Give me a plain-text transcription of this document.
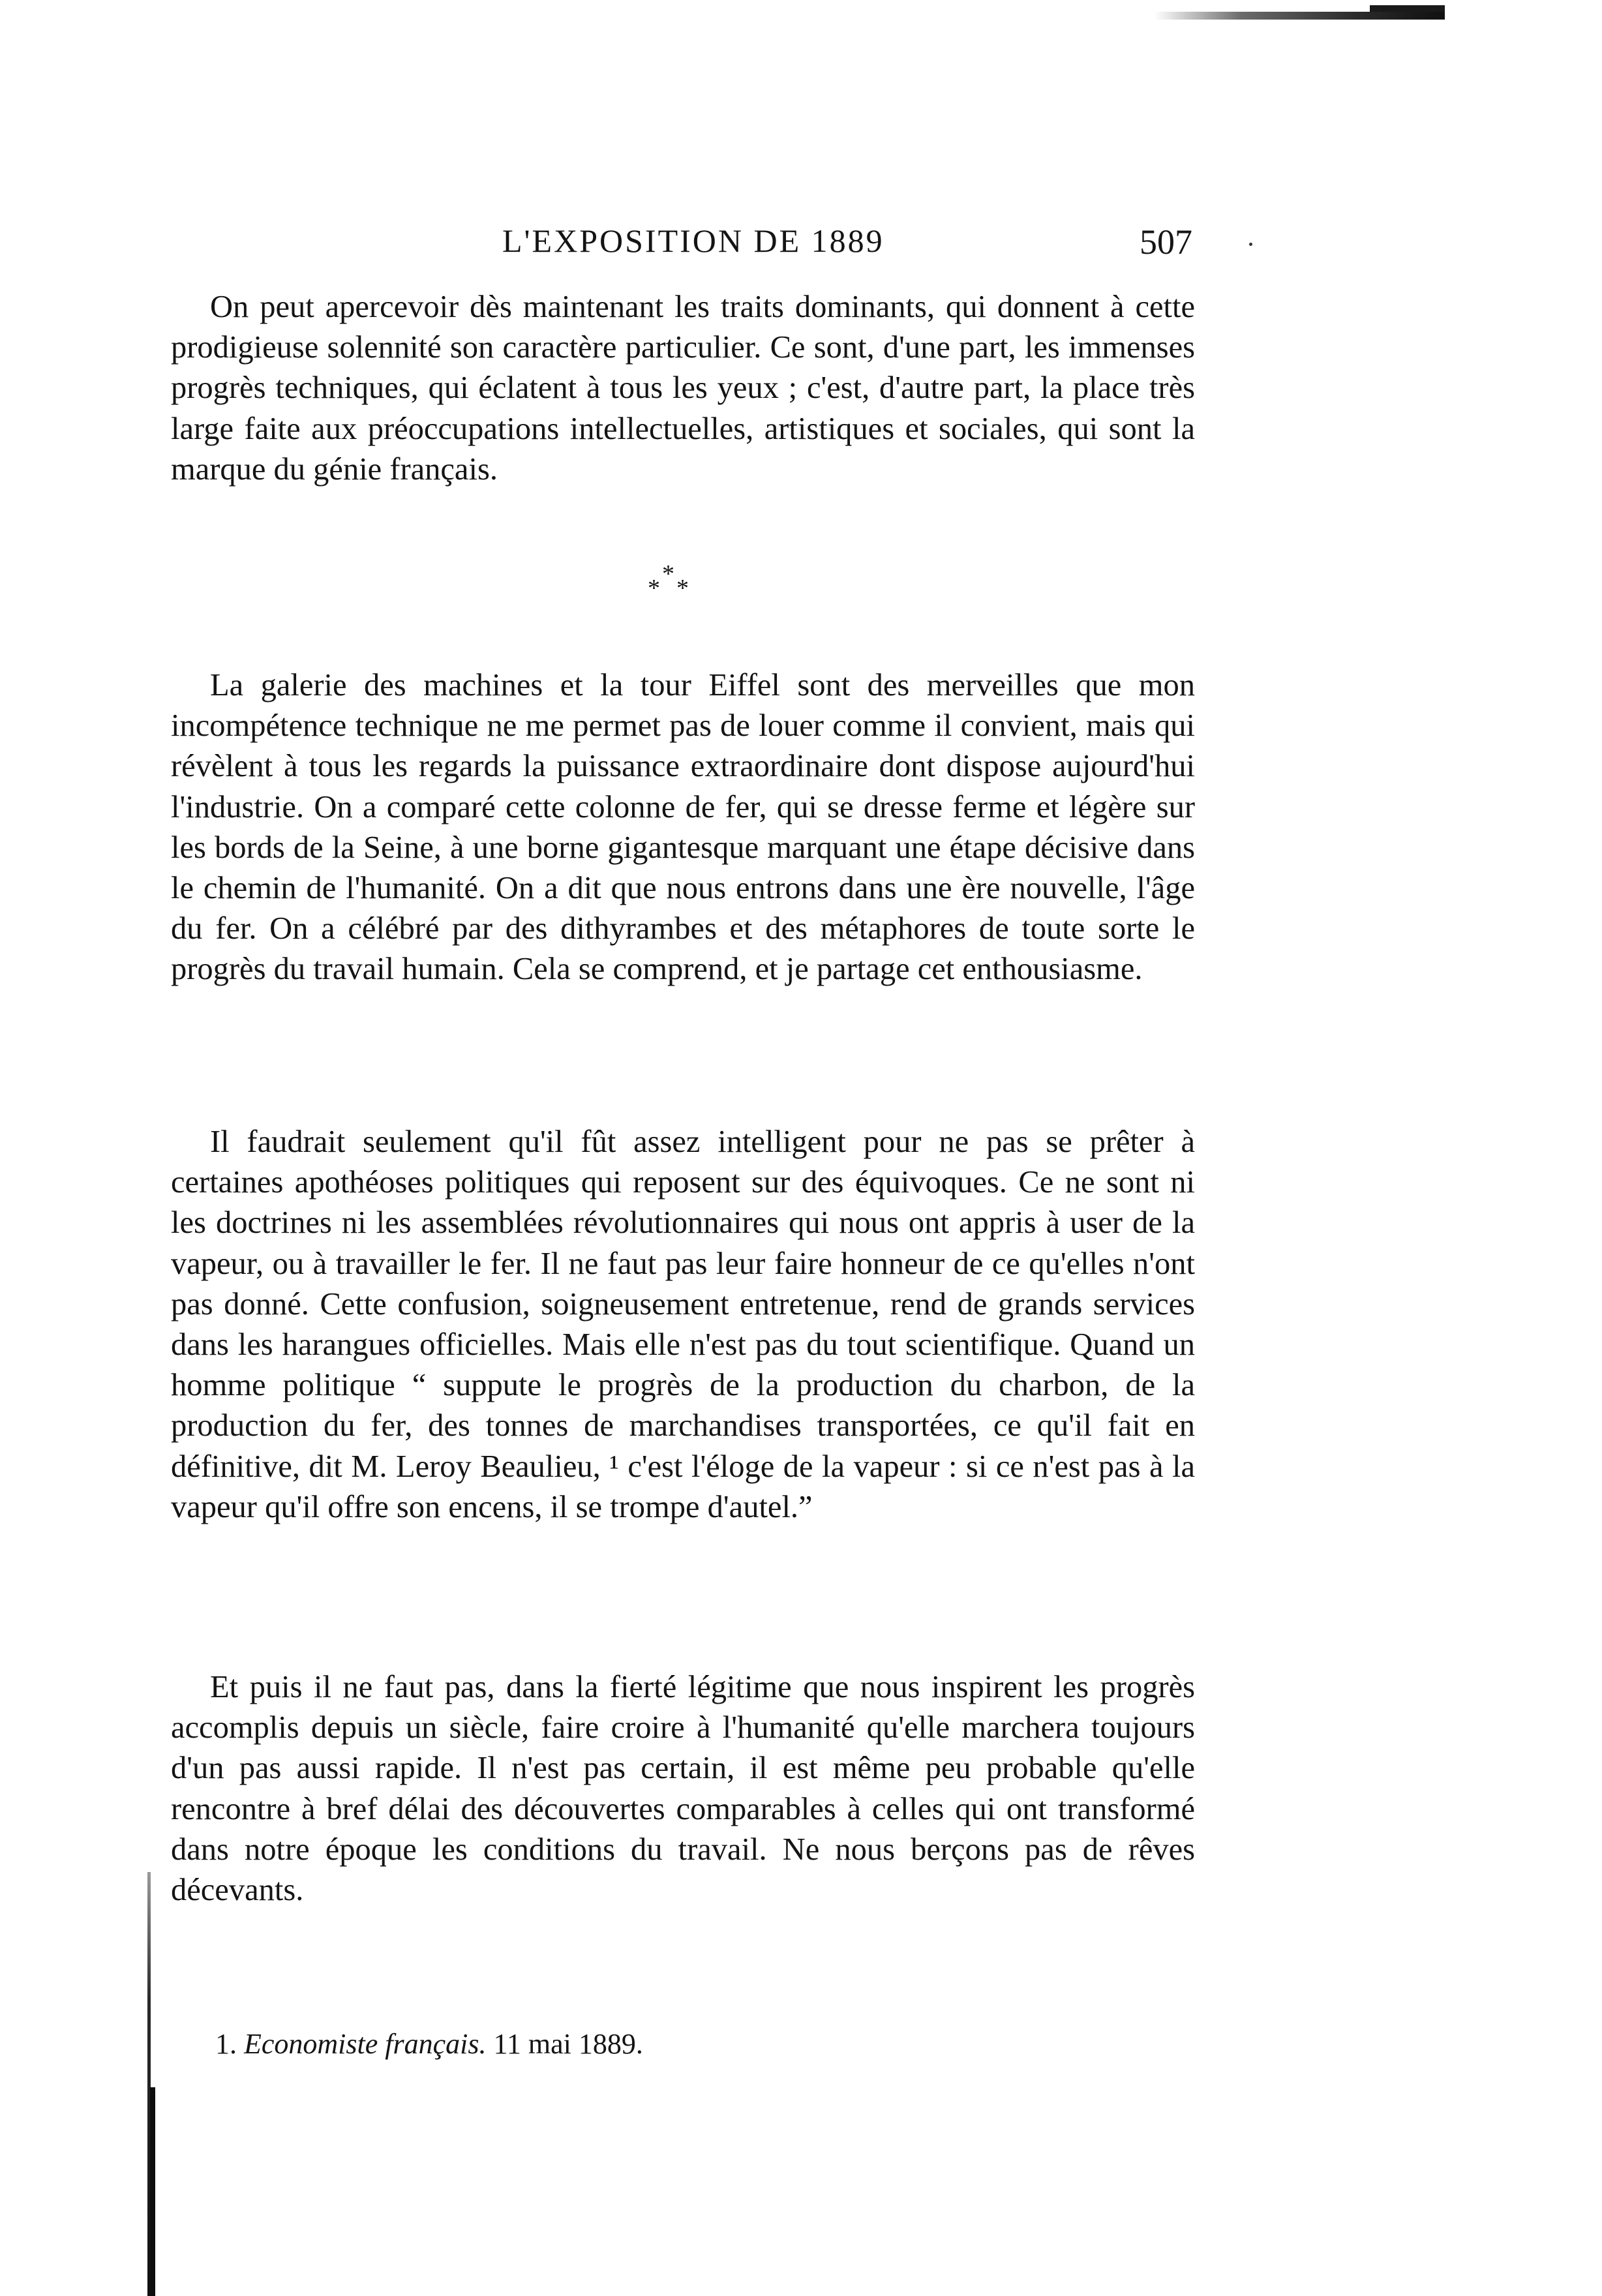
L'EXPOSITION DE 1889	507

On peut apercevoir dès maintenant les traits dominants, qui donnent à cette prodigieuse solennité son caractère particulier. Ce sont, d'une part, les immenses progrès techniques, qui éclatent à tous les yeux ; c'est, d'autre part, la place très large faite aux préoccupations intellectuelles, artistiques et sociales, qui sont la marque du génie français.

*
* *

La galerie des machines et la tour Eiffel sont des merveilles que mon incompétence technique ne me permet pas de louer comme il convient, mais qui révèlent à tous les regards la puissance extraordinaire dont dispose aujourd'hui l'industrie. On a comparé cette colonne de fer, qui se dresse ferme et légère sur les bords de la Seine, à une borne gigantesque marquant une étape décisive dans le chemin de l'humanité. On a dit que nous entrons dans une ère nouvelle, l'âge du fer. On a célébré par des dithyrambes et des métaphores de toute sorte le progrès du travail humain. Cela se comprend, et je partage cet enthousiasme.

Il faudrait seulement qu'il fût assez intelligent pour ne pas se prêter à certaines apothéoses politiques qui reposent sur des équivoques. Ce ne sont ni les doctrines ni les assemblées révolutionnaires qui nous ont appris à user de la vapeur, ou à travailler le fer. Il ne faut pas leur faire honneur de ce qu'elles n'ont pas donné. Cette confusion, soigneusement entretenue, rend de grands services dans les harangues officielles. Mais elle n'est pas du tout scientifique. Quand un homme politique “ suppute le progrès de la production du charbon, de la production du fer, des tonnes de marchandises transportées, ce qu'il fait en définitive, dit M. Leroy Beaulieu, ¹ c'est l'éloge de la vapeur : si ce n'est pas à la vapeur qu'il offre son encens, il se trompe d'autel.”

Et puis il ne faut pas, dans la fierté légitime que nous inspirent les progrès accomplis depuis un siècle, faire croire à l'humanité qu'elle marchera toujours d'un pas aussi rapide. Il n'est pas certain, il est même peu probable qu'elle rencontre à bref délai des découvertes comparables à celles qui ont transformé dans notre époque les conditions du travail. Ne nous berçons pas de rêves décevants.

1. Economiste français. 11 mai 1889.
